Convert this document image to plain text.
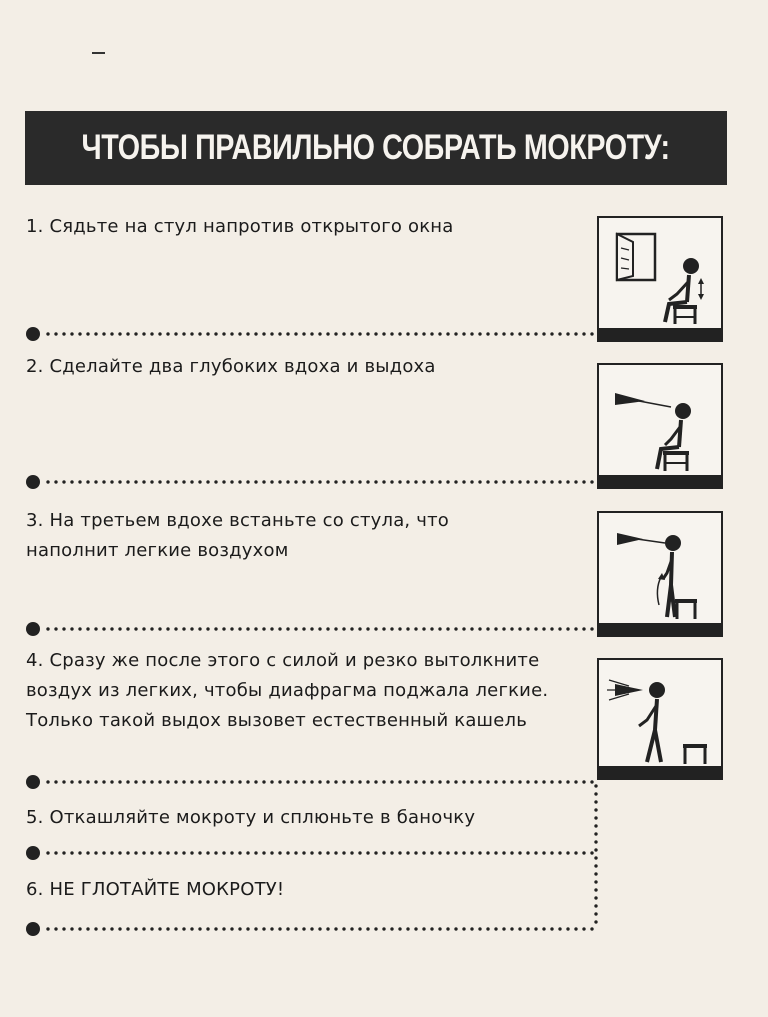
ЧТОБЫ ПРАВИЛЬНО СОБРАТЬ МОКРОТУ:
1. Сядьте на стул напротив открытого окна
2. Сделайте два глубоких вдоха и выдоха
3. На третьем вдохе встаньте со стула, что наполнит легкие воздухом
4. Сразу же после этого с силой и резко вытолкните воздух из легких, чтобы диафрагма поджала легкие. Только такой выдох вызовет естественный кашель
5. Откашляйте мокроту и сплюньте в баночку
6. НЕ ГЛОТАЙТЕ МОКРОТУ!
